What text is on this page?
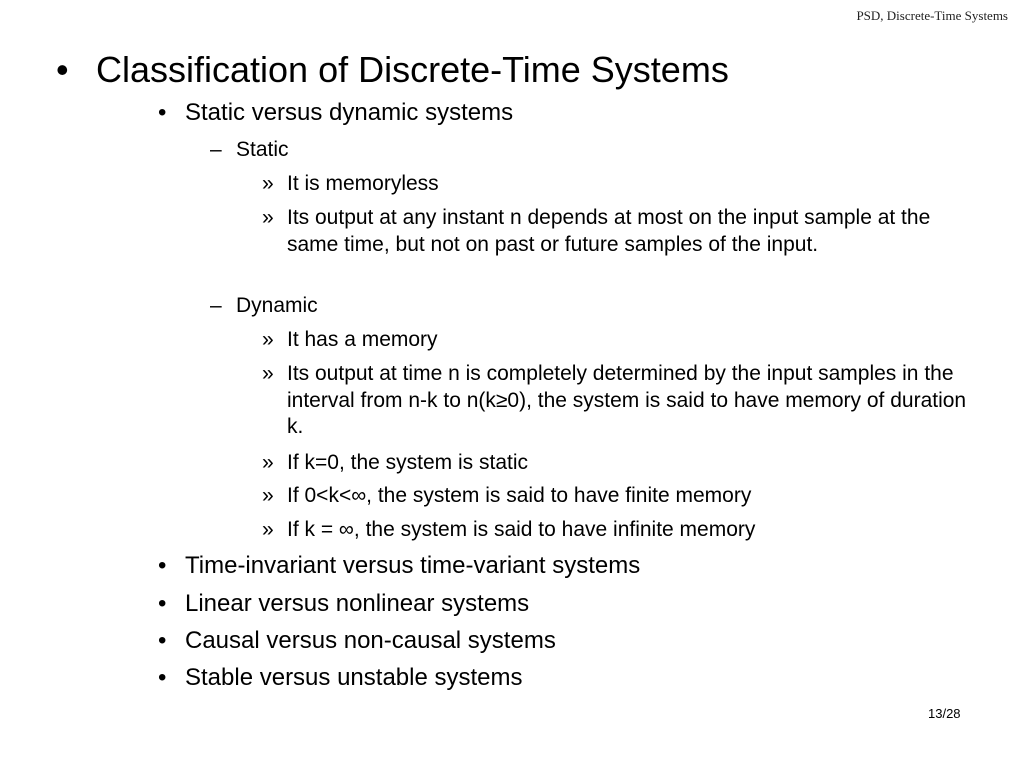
PSD, Discrete-Time Systems
• Classification of Discrete-Time Systems
• Static versus dynamic systems
– Static
» It is memoryless
» Its output at any instant n depends at most on the input sample at the same time, but not on past or future samples of the input.
– Dynamic
» It has a memory
» Its output at time n is completely determined by the input samples in the interval from n-k to n(k≥0), the system is said to have memory of duration k.
» If k=0, the system is static
» If 0<k<∞, the system is said to have finite memory
» If k = ∞, the system is said to have infinite memory
• Time-invariant versus time-variant systems
• Linear versus nonlinear systems
• Causal versus non-causal systems
• Stable versus unstable systems
13/28
